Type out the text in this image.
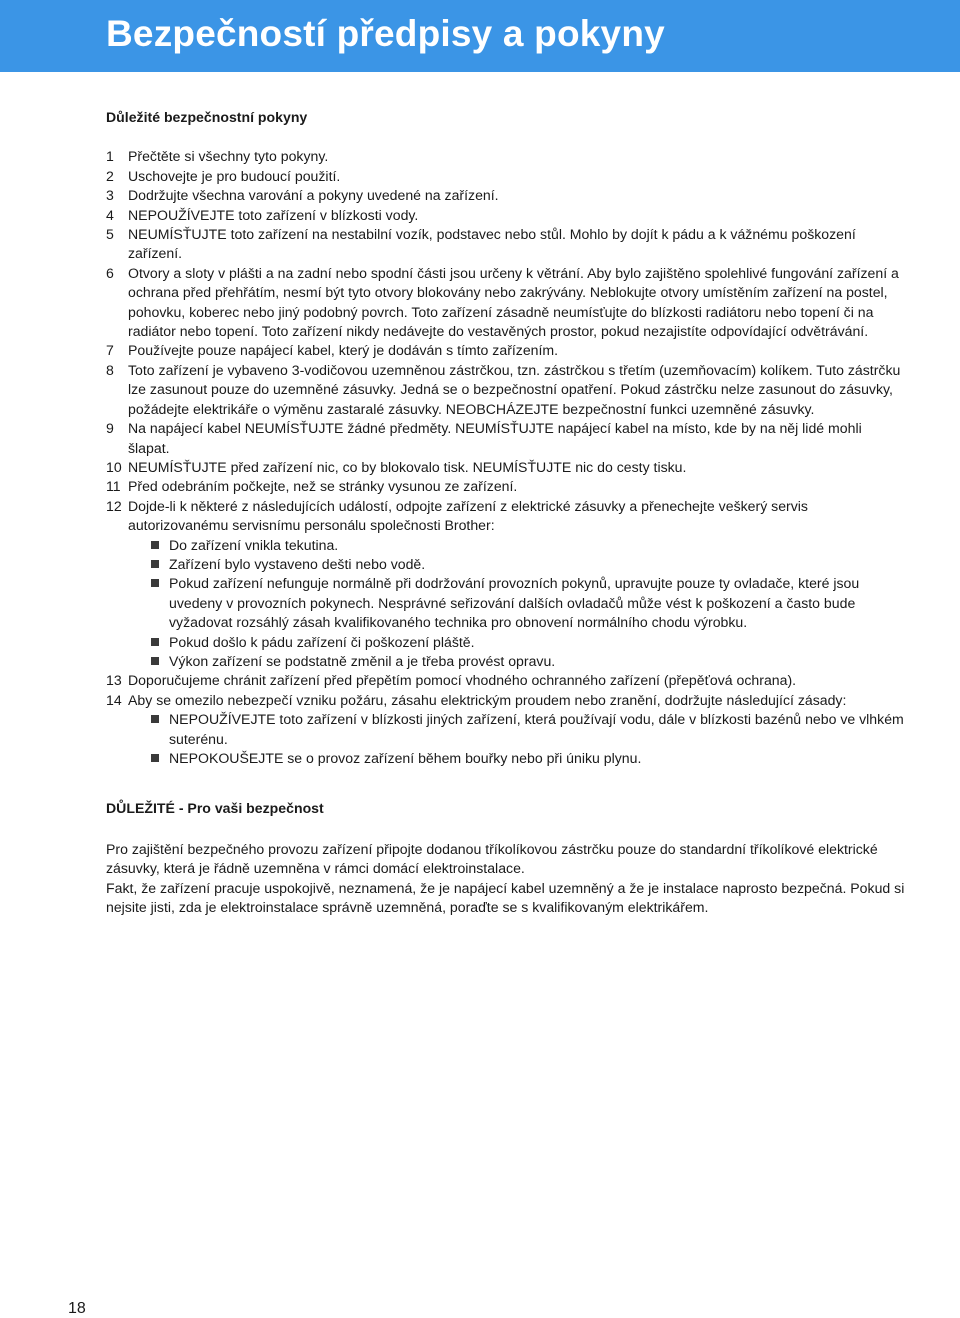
Bezpečností předpisy a pokyny

Důležité bezpečnostní pokyny

1 Přečtěte si všechny tyto pokyny.
2 Uschovejte je pro budoucí použití.
3 Dodržujte všechna varování a pokyny uvedené na zařízení.
4 NEPOUŽÍVEJTE toto zařízení v blízkosti vody.
5 NEUMÍSŤUJTE toto zařízení na nestabilní vozík, podstavec nebo stůl. Mohlo by dojít k pádu a k vážnému poškození zařízení.
6 Otvory a sloty v plášti a na zadní nebo spodní části jsou určeny k větrání. Aby bylo zajištěno spolehlivé fungování zařízení a ochrana před přehřátím, nesmí být tyto otvory blokovány nebo zakrývány. Neblokujte otvory umístěním zařízení na postel, pohovku, koberec nebo jiný podobný povrch. Toto zařízení zásadně neumísťujte do blízkosti radiátoru nebo topení či na radiátor nebo topení. Toto zařízení nikdy nedávejte do vestavěných prostor, pokud nezajistíte odpovídající odvětrávání.
7 Používejte pouze napájecí kabel, který je dodáván s tímto zařízením.
8 Toto zařízení je vybaveno 3-vodičovou uzemněnou zástrčkou, tzn. zástrčkou s třetím (uzemňovacím) kolíkem. Tuto zástrčku lze zasunout pouze do uzemněné zásuvky. Jedná se o bezpečnostní opatření. Pokud zástrčku nelze zasunout do zásuvky, požádejte elektrikáře o výměnu zastaralé zásuvky. NEOBCHÁZEJTE bezpečnostní funkci uzemněné zásuvky.
9 Na napájecí kabel NEUMÍSŤUJTE žádné předměty. NEUMÍSŤUJTE napájecí kabel na místo, kde by na něj lidé mohli šlapat.
10 NEUMÍSŤUJTE před zařízení nic, co by blokovalo tisk. NEUMÍSŤUJTE nic do cesty tisku.
11 Před odebráním počkejte, než se stránky vysunou ze zařízení.
12 Dojde-li k některé z následujících událostí, odpojte zařízení z elektrické zásuvky a přenechejte veškerý servis autorizovanému servisnímu personálu společnosti Brother:
Do zařízení vnikla tekutina.
Zařízení bylo vystaveno dešti nebo vodě.
Pokud zařízení nefunguje normálně při dodržování provozních pokynů, upravujte pouze ty ovladače, které jsou uvedeny v provozních pokynech. Nesprávné seřizování dalších ovladačů může vést k poškození a často bude vyžadovat rozsáhlý zásah kvalifikovaného technika pro obnovení normálního chodu výrobku.
Pokud došlo k pádu zařízení či poškození pláště.
Výkon zařízení se podstatně změnil a je třeba provést opravu.
13 Doporučujeme chránit zařízení před přepětím pomocí vhodného ochranného zařízení (přepěťová ochrana).
14 Aby se omezilo nebezpečí vzniku požáru, zásahu elektrickým proudem nebo zranění, dodržujte následující zásady:
NEPOUŽÍVEJTE toto zařízení v blízkosti jiných zařízení, která používají vodu, dále v blízkosti bazénů nebo ve vlhkém suterénu.
NEPOKOUŠEJTE se o provoz zařízení během bouřky nebo při úniku plynu.

DŮLEŽITÉ - Pro vaši bezpečnost

Pro zajištění bezpečného provozu zařízení připojte dodanou tříkolíkovou zástrčku pouze do standardní tříkolíkové elektrické zásuvky, která je řádně uzemněna v rámci domácí elektroinstalace.

Fakt, že zařízení pracuje uspokojivě, neznamená, že je napájecí kabel uzemněný a že je instalace naprosto bezpečná. Pokud si nejsite jisti, zda je elektroinstalace správně uzemněná, poraďte se s kvalifikovaným elektrikářem.

18
